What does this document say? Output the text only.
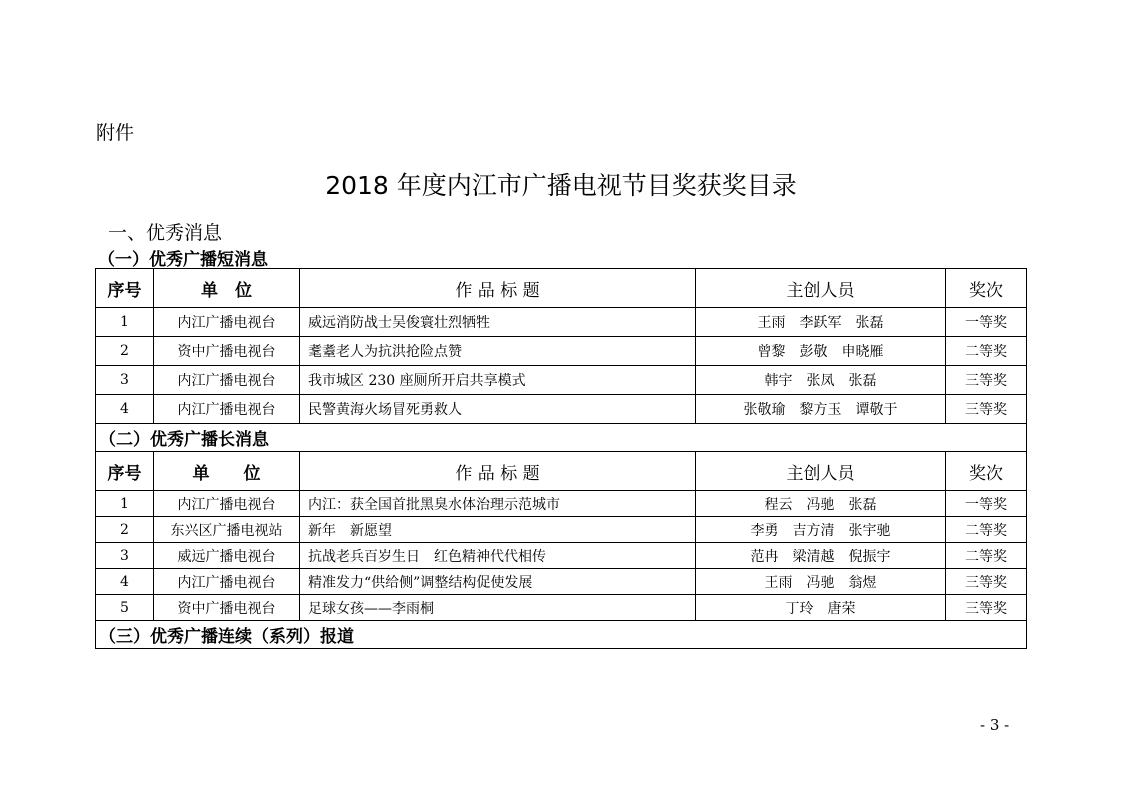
附件
2018 年度内江市广播电视节目奖获奖目录
一、优秀消息
（一）优秀广播短消息
序号	单　位	作 品 标 题	主创人员	奖次
1	内江广播电视台	威远消防战士吴俊寰壮烈牺牲	王雨　李跃军　张磊	一等奖
2	资中广播电视台	耄耋老人为抗洪抢险点赞	曾黎　彭敬　申晓雁	二等奖
3	内江广播电视台	我市城区 230 座厕所开启共享模式	韩宇　张凤　张磊	三等奖
4	内江广播电视台	民警黄海火场冒死勇救人	张敬瑜　黎方玉　谭敬于	三等奖
（二）优秀广播长消息				
序号	单　　位	作 品 标 题	主创人员	奖次
1	内江广播电视台	内江：获全国首批黑臭水体治理示范城市	程云　冯驰　张磊	一等奖
2	东兴区广播电视站	新年　新愿望	李勇　吉方清　张宇驰	二等奖
3	威远广播电视台	抗战老兵百岁生日　红色精神代代相传	范冉　梁清越　倪振宇	二等奖
4	内江广播电视台	精准发力“供给侧”调整结构促使发展	王雨　冯驰　翁煜	三等奖
5	资中广播电视台	足球女孩——李雨桐	丁玲　唐荣	三等奖
（三）优秀广播连续（系列）报道				
- 3 -
